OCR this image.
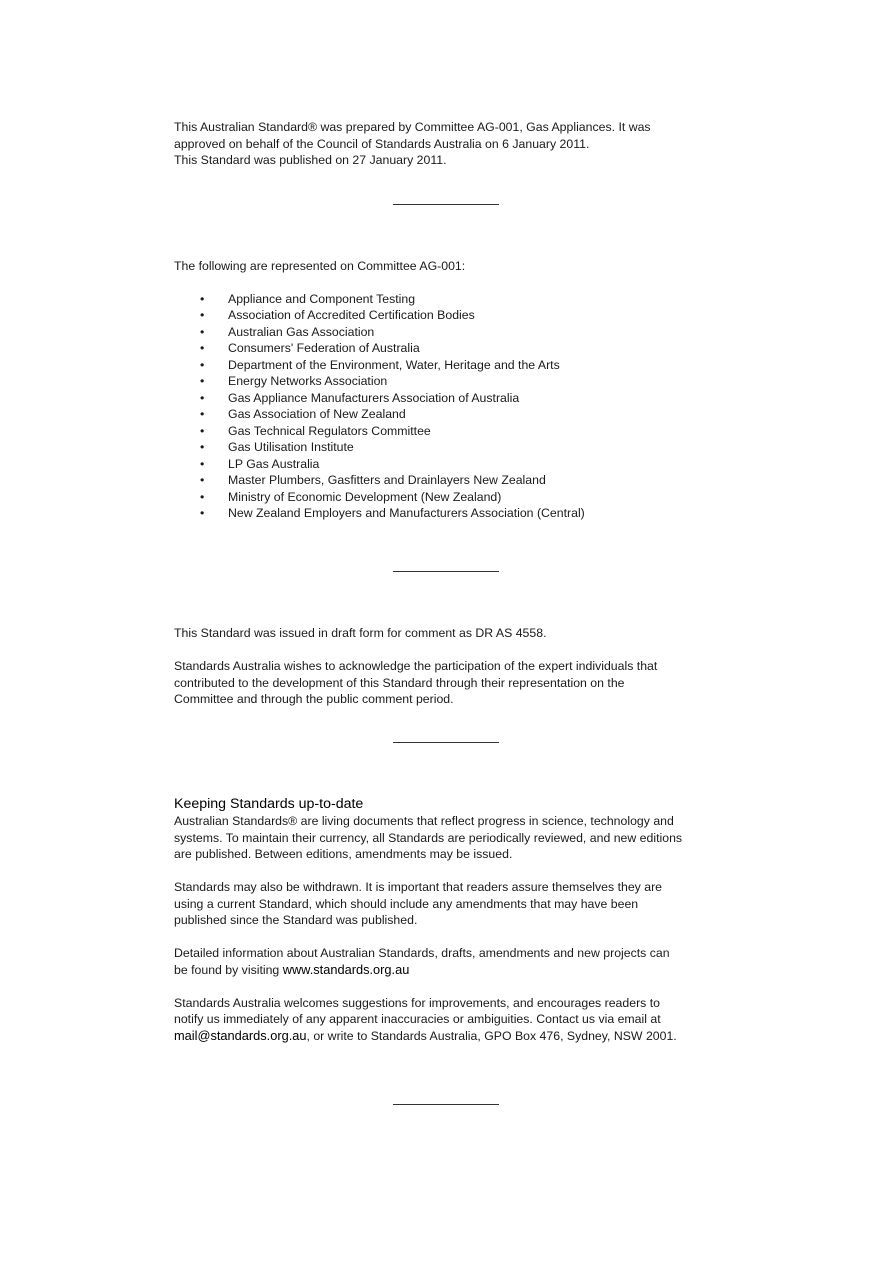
This Australian Standard® was prepared by Committee AG-001, Gas Appliances. It was

approved on behalf of the Council of Standards Australia on 6 January 2011.

This Standard was published on 27 January 2011.

The following are represented on Committee AG-001:

• Appliance and Component Testing
• Association of Accredited Certification Bodies
• Australian Gas Association
• Consumers' Federation of Australia
• Department of the Environment, Water, Heritage and the Arts
• Energy Networks Association
• Gas Appliance Manufacturers Association of Australia
• Gas Association of New Zealand
• Gas Technical Regulators Committee
• Gas Utilisation Institute
• LP Gas Australia
• Master Plumbers, Gasfitters and Drainlayers New Zealand
• Ministry of Economic Development (New Zealand)
• New Zealand Employers and Manufacturers Association (Central)

This Standard was issued in draft form for comment as DR AS 4558.

Standards Australia wishes to acknowledge the participation of the expert individuals that

contributed to the development of this Standard through their representation on the

Committee and through the public comment period.

Keeping Standards up-to-date

Australian Standards® are living documents that reflect progress in science, technology and

systems. To maintain their currency, all Standards are periodically reviewed, and new editions

are published. Between editions, amendments may be issued.

Standards may also be withdrawn. It is important that readers assure themselves they are

using a current Standard, which should include any amendments that may have been

published since the Standard was published.

Detailed information about Australian Standards, drafts, amendments and new projects can

be found by visiting www.standards.org.au

Standards Australia welcomes suggestions for improvements, and encourages readers to

notify us immediately of any apparent inaccuracies or ambiguities. Contact us via email at

mail@standards.org.au, or write to Standards Australia, GPO Box 476, Sydney, NSW 2001.
